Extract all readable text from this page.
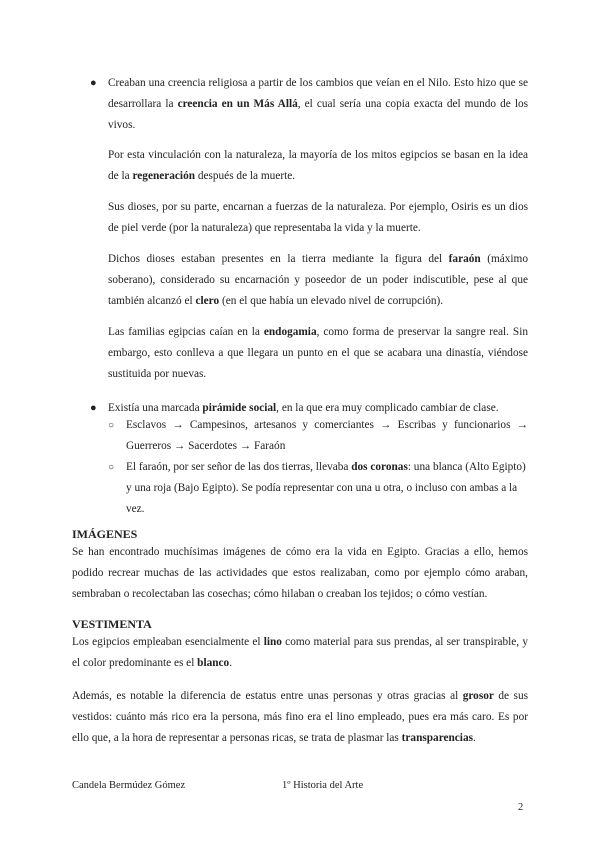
● Creaban una creencia religiosa a partir de los cambios que veían en el Nilo. Esto hizo que se desarrollara la creencia en un Más Allá, el cual sería una copia exacta del mundo de los vivos.

Por esta vinculación con la naturaleza, la mayoría de los mitos egipcios se basan en la idea de la regeneración después de la muerte.

Sus dioses, por su parte, encarnan a fuerzas de la naturaleza. Por ejemplo, Osiris es un dios de piel verde (por la naturaleza) que representaba la vida y la muerte.

Dichos dioses estaban presentes en la tierra mediante la figura del faraón (máximo soberano), considerado su encarnación y poseedor de un poder indiscutible, pese al que también alcanzó el clero (en el que había un elevado nivel de corrupción).

Las familias egipcias caían en la endogamia, como forma de preservar la sangre real. Sin embargo, esto conlleva a que llegara un punto en el que se acabara una dinastía, viéndose sustituida por nuevas.

● Existía una marcada pirámide social, en la que era muy complicado cambiar de clase.

○ Esclavos → Campesinos, artesanos y comerciantes → Escribas y funcionarios → Guerreros → Sacerdotes → Faraón

○ El faraón, por ser señor de las dos tierras, llevaba dos coronas: una blanca (Alto Egipto) y una roja (Bajo Egipto). Se podía representar con una u otra, o incluso con ambas a la vez.

IMÁGENES

Se han encontrado muchísimas imágenes de cómo era la vida en Egipto. Gracias a ello, hemos podido recrear muchas de las actividades que estos realizaban, como por ejemplo cómo araban, sembraban o recolectaban las cosechas; cómo hilaban o creaban los tejidos; o cómo vestían.

VESTIMENTA

Los egipcios empleaban esencialmente el lino como material para sus prendas, al ser transpirable, y el color predominante es el blanco.

Además, es notable la diferencia de estatus entre unas personas y otras gracias al grosor de sus vestidos: cuánto más rico era la persona, más fino era el lino empleado, pues era más caro. Es por ello que, a la hora de representar a personas ricas, se trata de plasmar las transparencias.

Candela Bermúdez Gómez	1º Historia del Arte
2
